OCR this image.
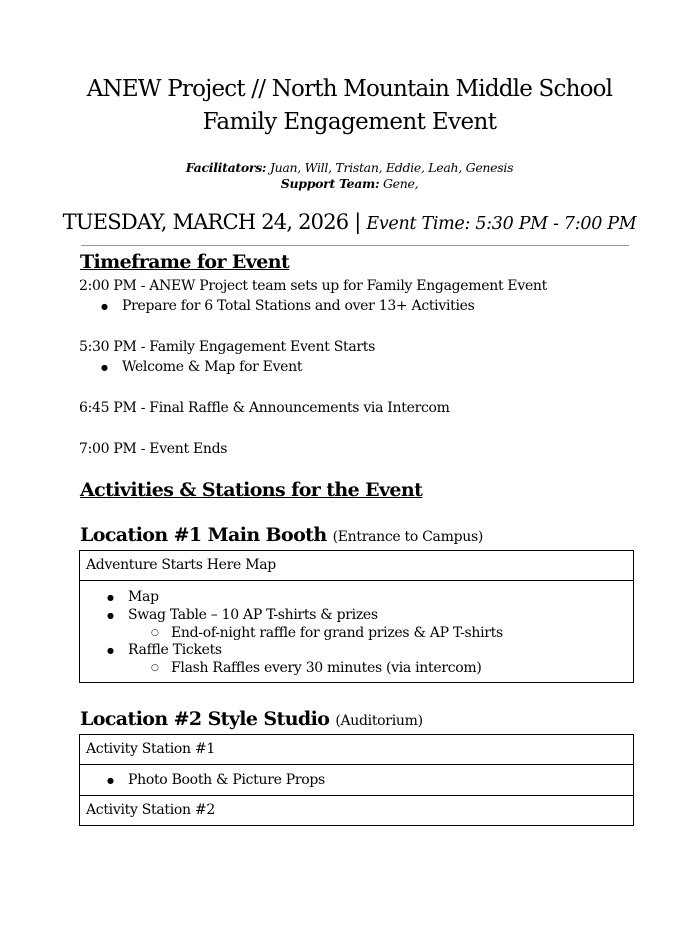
ANEW Project // North Mountain Middle School
Family Engagement Event
Facilitators: Juan, Will, Tristan, Eddie, Leah, Genesis
Support Team: Gene,
TUESDAY, MARCH 24, 2026 | Event Time: 5:30 PM - 7:00 PM
Timeframe for Event
2:00 PM - ANEW Project team sets up for Family Engagement Event
● Prepare for 6 Total Stations and over 13+ Activities
5:30 PM - Family Engagement Event Starts
● Welcome & Map for Event
6:45 PM - Final Raffle & Announcements via Intercom
7:00 PM - Event Ends
Activities & Stations for the Event
Location #1 Main Booth (Entrance to Campus)
Adventure Starts Here Map
● Map
● Swag Table – 10 AP T-shirts & prizes
○ End-of-night raffle for grand prizes & AP T-shirts
● Raffle Tickets
○ Flash Raffles every 30 minutes (via intercom)
Location #2 Style Studio (Auditorium)
Activity Station #1
● Photo Booth & Picture Props
Activity Station #2
